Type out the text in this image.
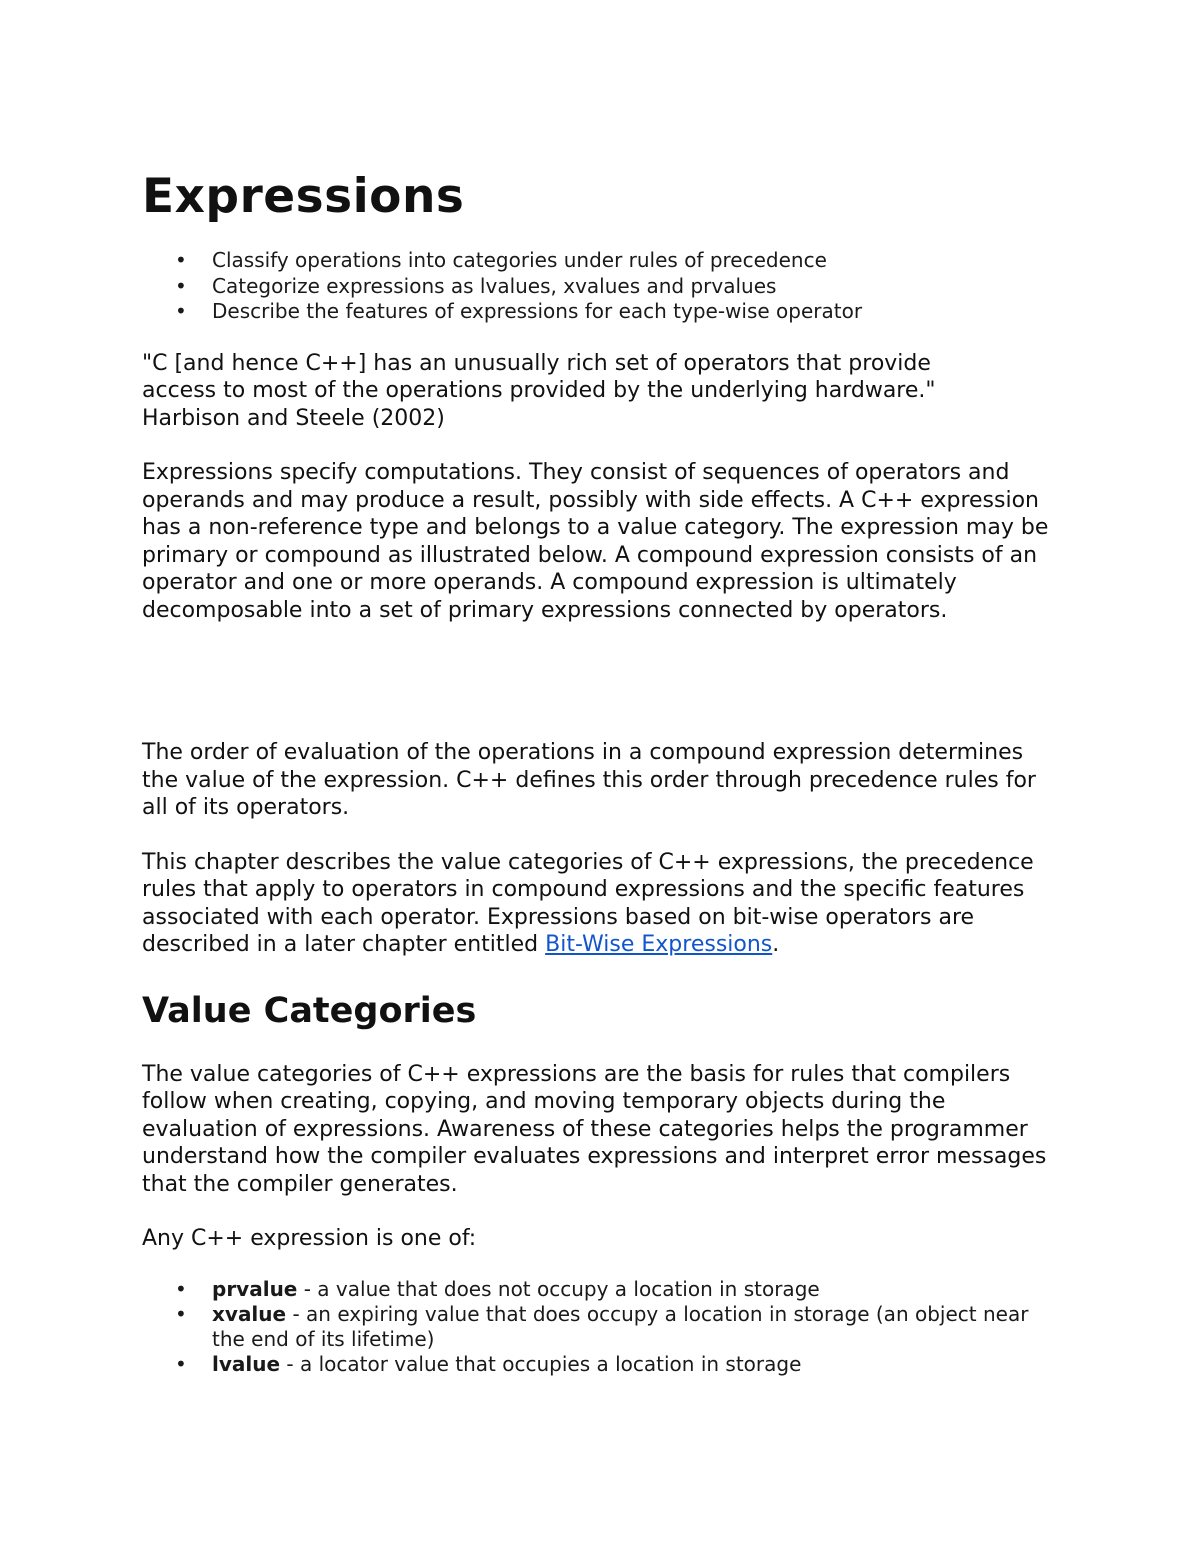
Expressions
• Classify operations into categories under rules of precedence
• Categorize expressions as lvalues, xvalues and prvalues
• Describe the features of expressions for each type-wise operator

"C [and hence C++] has an unusually rich set of operators that provide
access to most of the operations provided by the underlying hardware."
Harbison and Steele (2002)

Expressions specify computations. They consist of sequences of operators and operands and may produce a result, possibly with side effects. A C++ expression has a non-reference type and belongs to a value category. The expression may be primary or compound as illustrated below. A compound expression consists of an operator and one or more operands. A compound expression is ultimately decomposable into a set of primary expressions connected by operators.

The order of evaluation of the operations in a compound expression determines the value of the expression. C++ defines this order through precedence rules for all of its operators.

This chapter describes the value categories of C++ expressions, the precedence rules that apply to operators in compound expressions and the specific features associated with each operator. Expressions based on bit-wise operators are described in a later chapter entitled Bit-Wise Expressions.

Value Categories

The value categories of C++ expressions are the basis for rules that compilers follow when creating, copying, and moving temporary objects during the evaluation of expressions. Awareness of these categories helps the programmer understand how the compiler evaluates expressions and interpret error messages that the compiler generates.

Any C++ expression is one of:

• prvalue - a value that does not occupy a location in storage
• xvalue - an expiring value that does occupy a location in storage (an object near the end of its lifetime)
• lvalue - a locator value that occupies a location in storage
